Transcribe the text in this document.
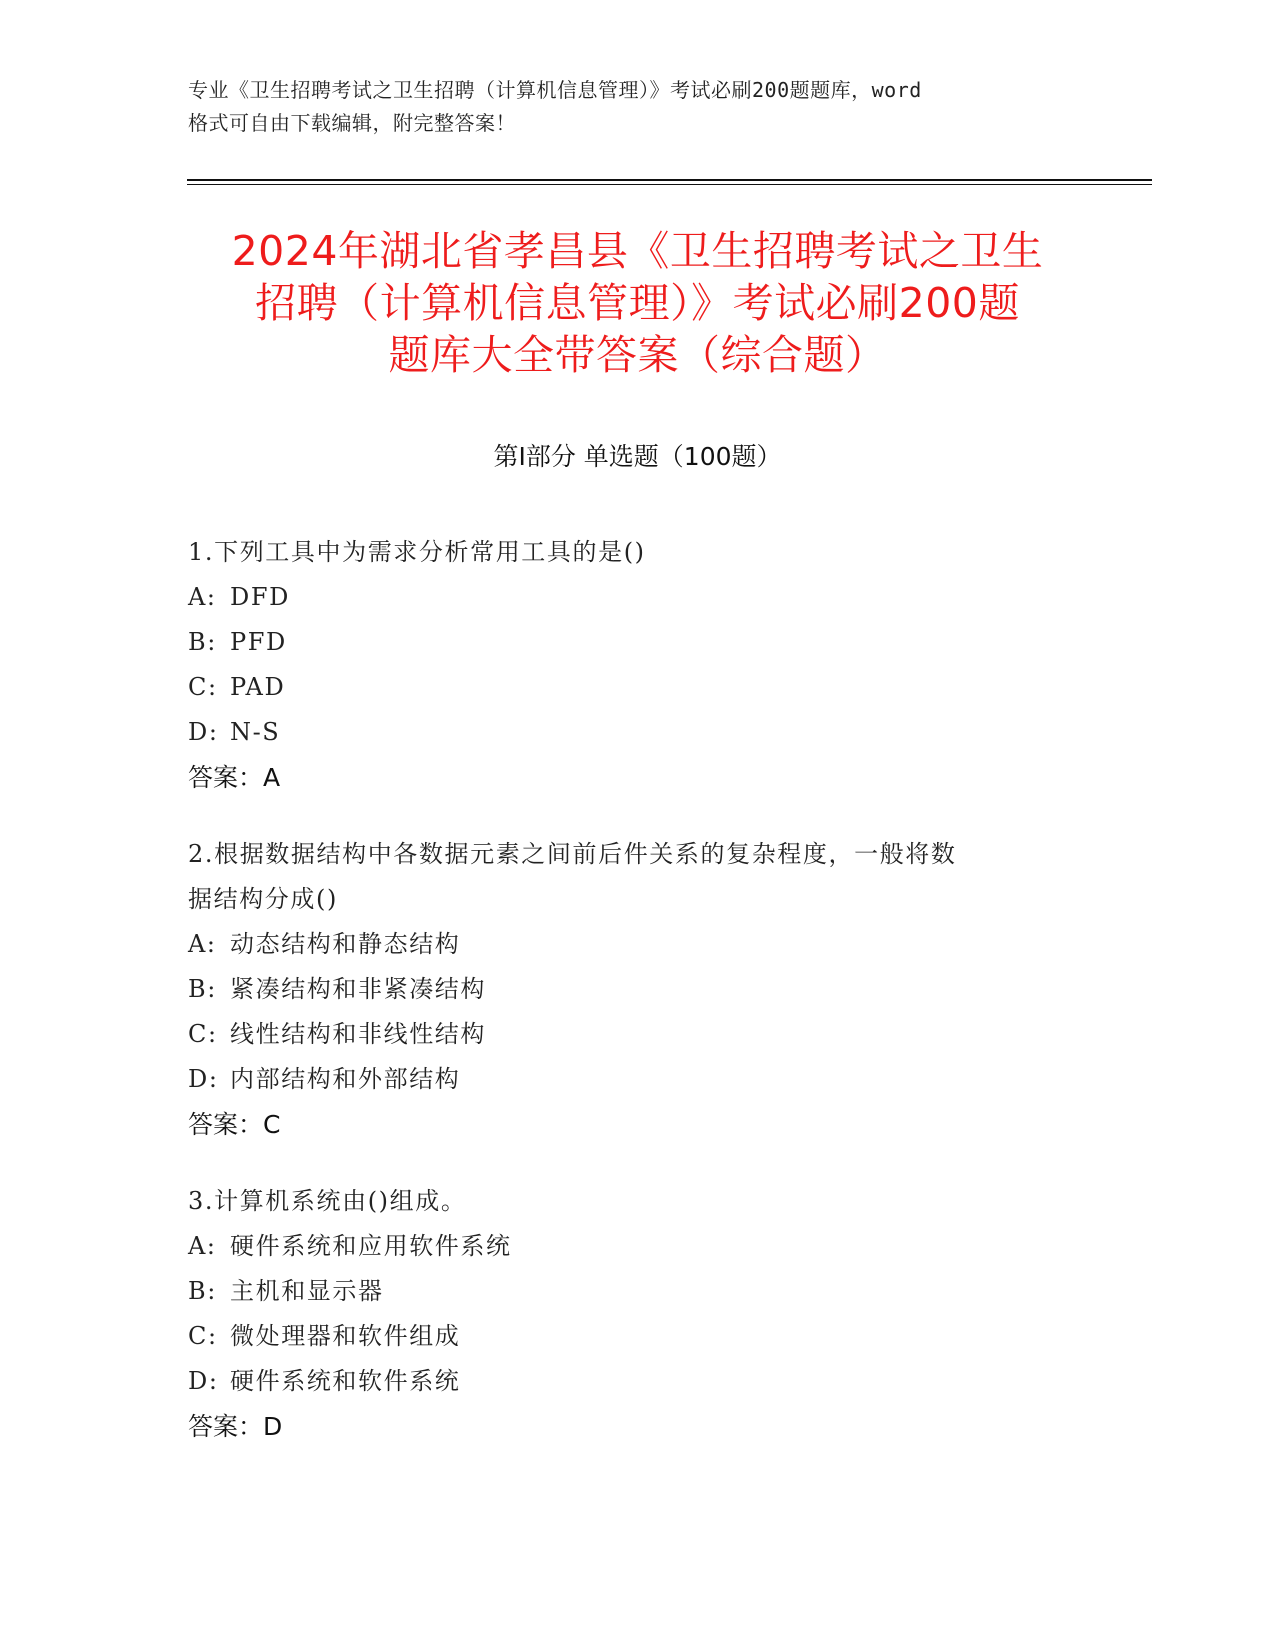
专业《卫生招聘考试之卫生招聘（计算机信息管理）》考试必刷200题题库，word
格式可自由下载编辑，附完整答案！
2024年湖北省孝昌县《卫生招聘考试之卫生
招聘（计算机信息管理）》考试必刷200题
题库大全带答案（综合题）
第Ⅰ部分 单选题（100题）
1.下列工具中为需求分析常用工具的是()
A: DFD
B: PFD
C: PAD
D: N-S
答案：A
2.根据数据结构中各数据元素之间前后件关系的复杂程度，一般将数
据结构分成()
A: 动态结构和静态结构
B: 紧凑结构和非紧凑结构
C: 线性结构和非线性结构
D: 内部结构和外部结构
答案：C
3.计算机系统由()组成。
A: 硬件系统和应用软件系统
B: 主机和显示器
C: 微处理器和软件组成
D: 硬件系统和软件系统
答案：D
